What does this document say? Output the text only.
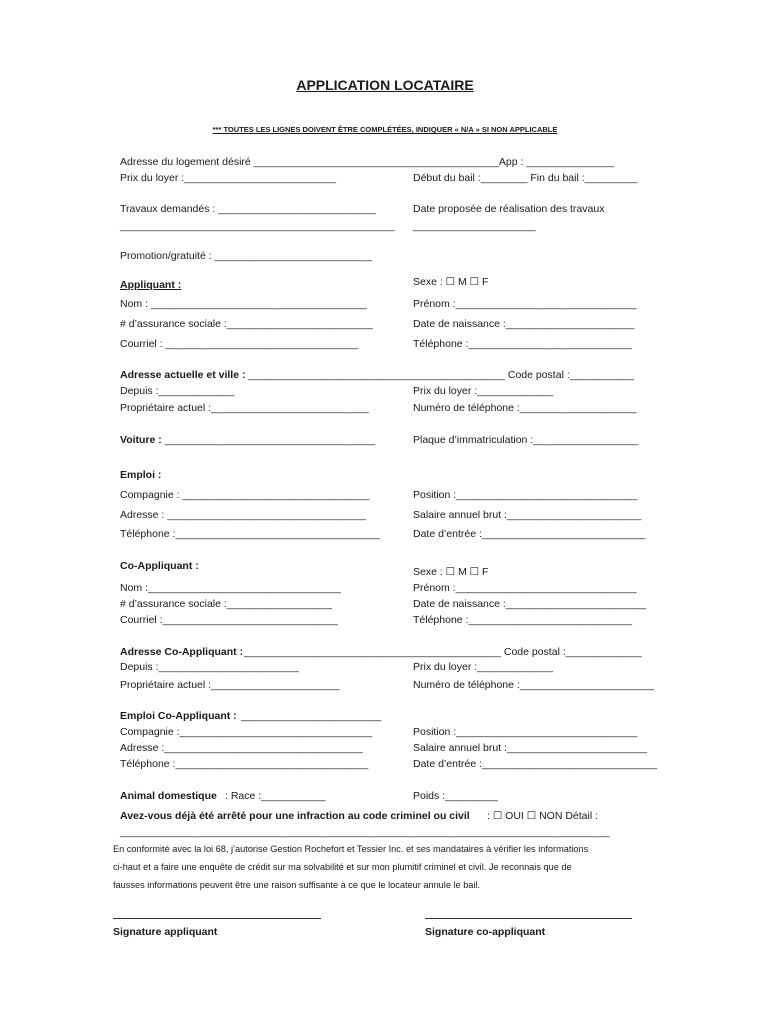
APPLICATION LOCATAIRE
*** TOUTES LES LIGNES DOIVENT ÊTRE COMPLÉTÉES, INDIQUER « N/A » SI NON APPLICABLE
Adresse du logement désiré __________________________________________App : _______________
Prix du loyer :__________________________	Début du bail :________ Fin du bail :_________
Travaux demandés : ___________________________
_______________________________________________
Date proposée de réalisation des travaux
_____________________
Promotion/gratuité : ___________________________
Appliquant :	Sexe : ☐ M ☐ F
Nom : _____________________________________	Prénom :_______________________________
# d’assurance sociale :_________________________	Date de naissance :______________________
Courriel : _________________________________	Téléphone :____________________________
Adresse actuelle et ville : ____________________________________________ Code postal :___________
Depuis :_____________	Prix du loyer :_____________
Propriétaire actuel :___________________________	Numéro de téléphone :____________________
Voiture : ____________________________________	Plaque d’immatriculation :__________________
Emploi :
Compagnie : ________________________________	Position :_______________________________
Adresse : __________________________________	Salaire annuel brut :_______________________
Téléphone :___________________________________	Date d’entrée :____________________________
Co-Appliquant :	Sexe : ☐ M ☐ F
Nom :_________________________________	Prénom :_______________________________
# d’assurance sociale :__________________	Date de naissance :________________________
Courriel :______________________________	Téléphone :____________________________
Adresse Co-Appliquant : ____________________________________________ Code postal :_____________
Depuis :________________________	Prix du loyer :_____________
Propriétaire actuel :______________________	Numéro de téléphone :_______________________
Emploi Co-Appliquant : ________________________
Compagnie :_________________________________	Position :_______________________________
Adresse :__________________________________	Salaire annuel brut :________________________
Téléphone :_________________________________	Date d’entrée :______________________________
Animal domestique : Race :___________	Poids :_________
Avez-vous déjà été arrêté pour une infraction au code criminel ou civil : ☐ OUI ☐ NON Détail :
________________________________________________________________________________________
En conformité avec la loi 68, j’autorise Gestion Rochefort et Tessier Inc. et ses mandataires à vérifier les informations
ci-haut et a faire une enquête de crédit sur ma solvabilité et sur mon plumitif criminel et civil. Je reconnais que de
fausses informations peuvent être une raison suffisante à ce que le locateur annule le bail.
Signature appliquant	Signature co-appliquant
